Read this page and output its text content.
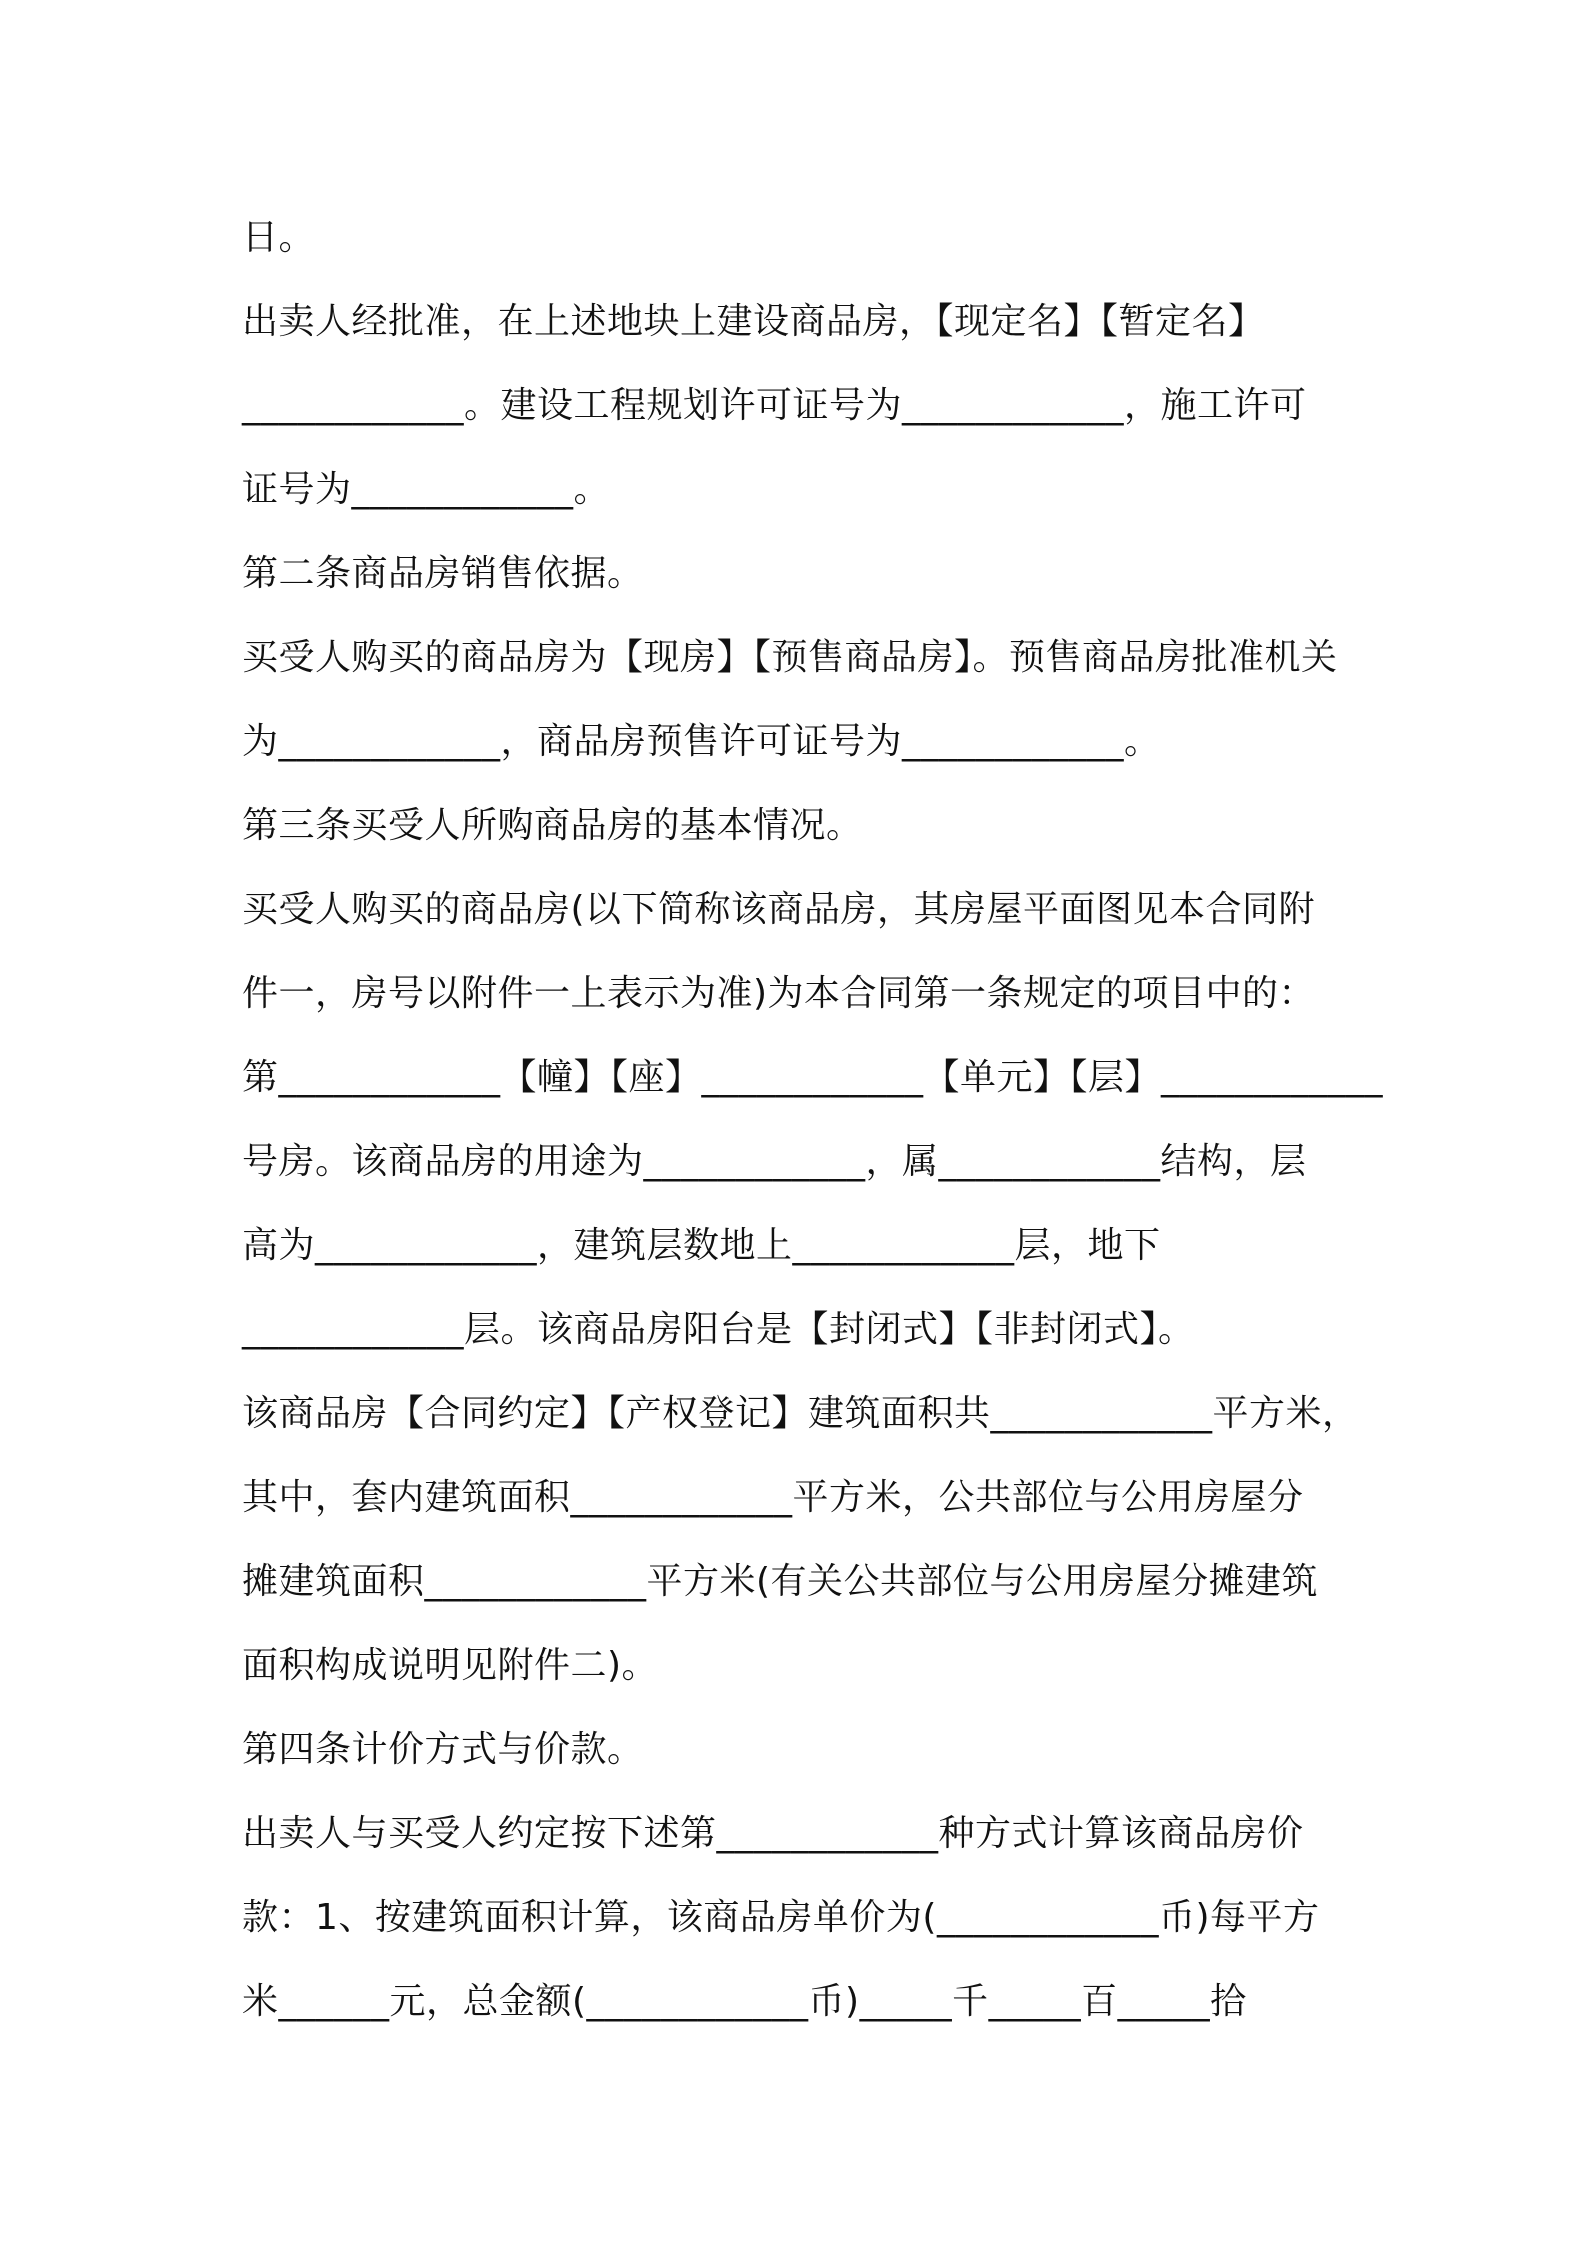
日。
出卖人经批准，在上述地块上建设商品房，【现定名】【暂定名】
____________。建设工程规划许可证号为____________，施工许可
证号为____________。
第二条商品房销售依据。
买受人购买的商品房为【现房】【预售商品房】。预售商品房批准机关
为____________，商品房预售许可证号为____________。
第三条买受人所购商品房的基本情况。
买受人购买的商品房(以下简称该商品房，其房屋平面图见本合同附
件一，房号以附件一上表示为准)为本合同第一条规定的项目中的：
第____________【幢】【座】____________【单元】【层】____________
号房。该商品房的用途为____________，属____________结构，层
高为____________，建筑层数地上____________层，地下
____________层。该商品房阳台是【封闭式】【非封闭式】。
该商品房【合同约定】【产权登记】建筑面积共____________平方米，
其中，套内建筑面积____________平方米，公共部位与公用房屋分
摊建筑面积____________平方米(有关公共部位与公用房屋分摊建筑
面积构成说明见附件二)。
第四条计价方式与价款。
出卖人与买受人约定按下述第____________种方式计算该商品房价
款：1、按建筑面积计算，该商品房单价为(____________币)每平方
米______元，总金额(____________币)_____千_____百_____拾
